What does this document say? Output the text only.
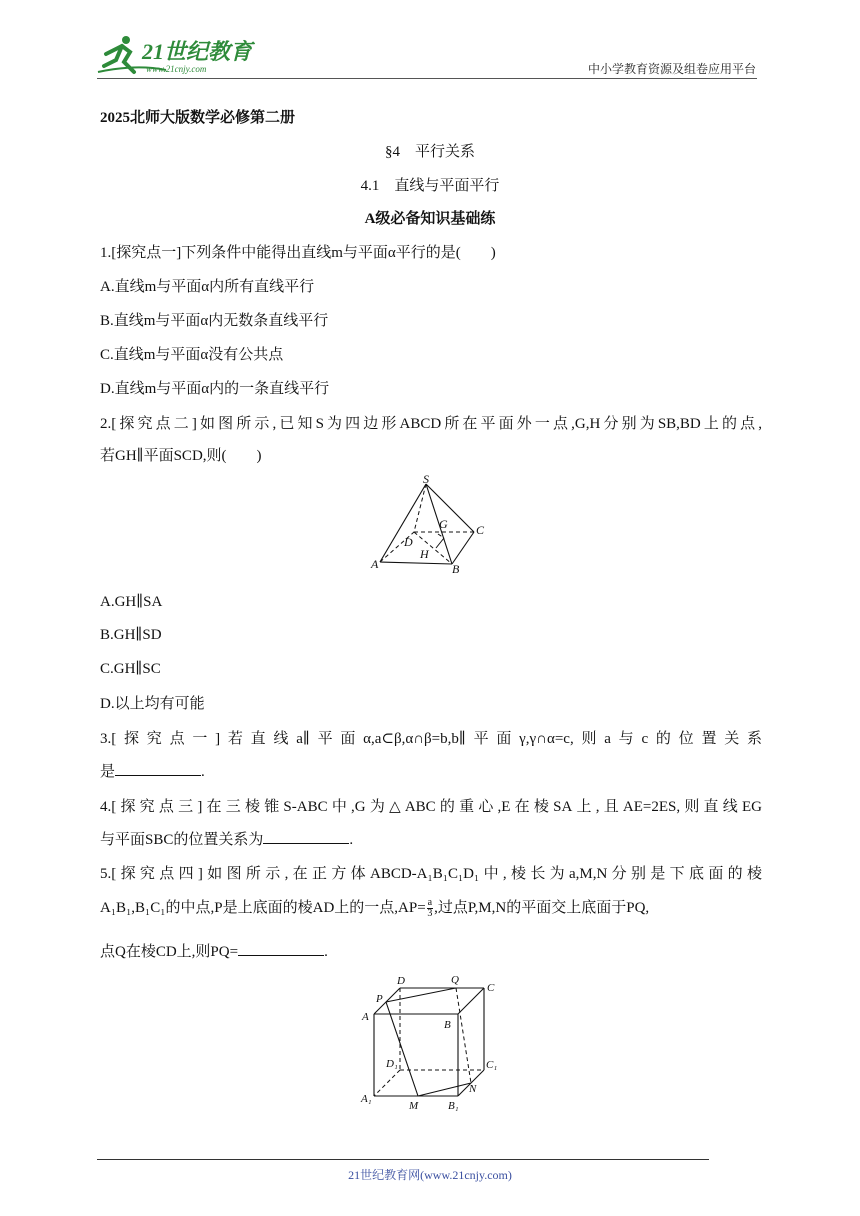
21世纪教育
www.21cnjy.com	中小学教育资源及组卷应用平台
2025北师大版数学必修第二册
§4　平行关系
4.1　直线与平面平行
A级必备知识基础练
1.[探究点一]下列条件中能得出直线m与平面α平行的是(　　)
A.直线m与平面α内所有直线平行
B.直线m与平面α内无数条直线平行
C.直线m与平面α没有公共点
D.直线m与平面α内的一条直线平行
2.[探究点二]如图所示,已知S为四边形ABCD所在平面外一点,G,H分别为SB,BD上的点,
若GH∥平面SCD,则(　　)
S
G C
D
H
A	B
A.GH∥SA
B.GH∥SD
C.GH∥SC
D.以上均有可能
3.[探究点一]若直线a∥平面α,a⊂β,α∩β=b,b∥平面γ,γ∩α=c,则a与c的位置关系
是	.
4.[探究点三]在三棱锥S-ABC中,G为△ABC的重心,E在棱SA上,且AE=2ES,则直线EG
与平面SBC的位置关系为	.
5.[探究点四]如图所示,在正方体ABCD-A₁B₁C₁D₁中,棱长为a,M,N分别是下底面的棱
A₁B₁,B₁C₁的中点,P是上底面的棱AD上的一点$,AP= \frac{a}{3}$ ,过点P,M,N的平面交上底面于PQ,
点Q在棱CD上,则PQ=	.
D	Q
C
P
A
B
D₁	C₁
A₁
M	B₁
N
21世纪教育网(www.21cnjy.com)
